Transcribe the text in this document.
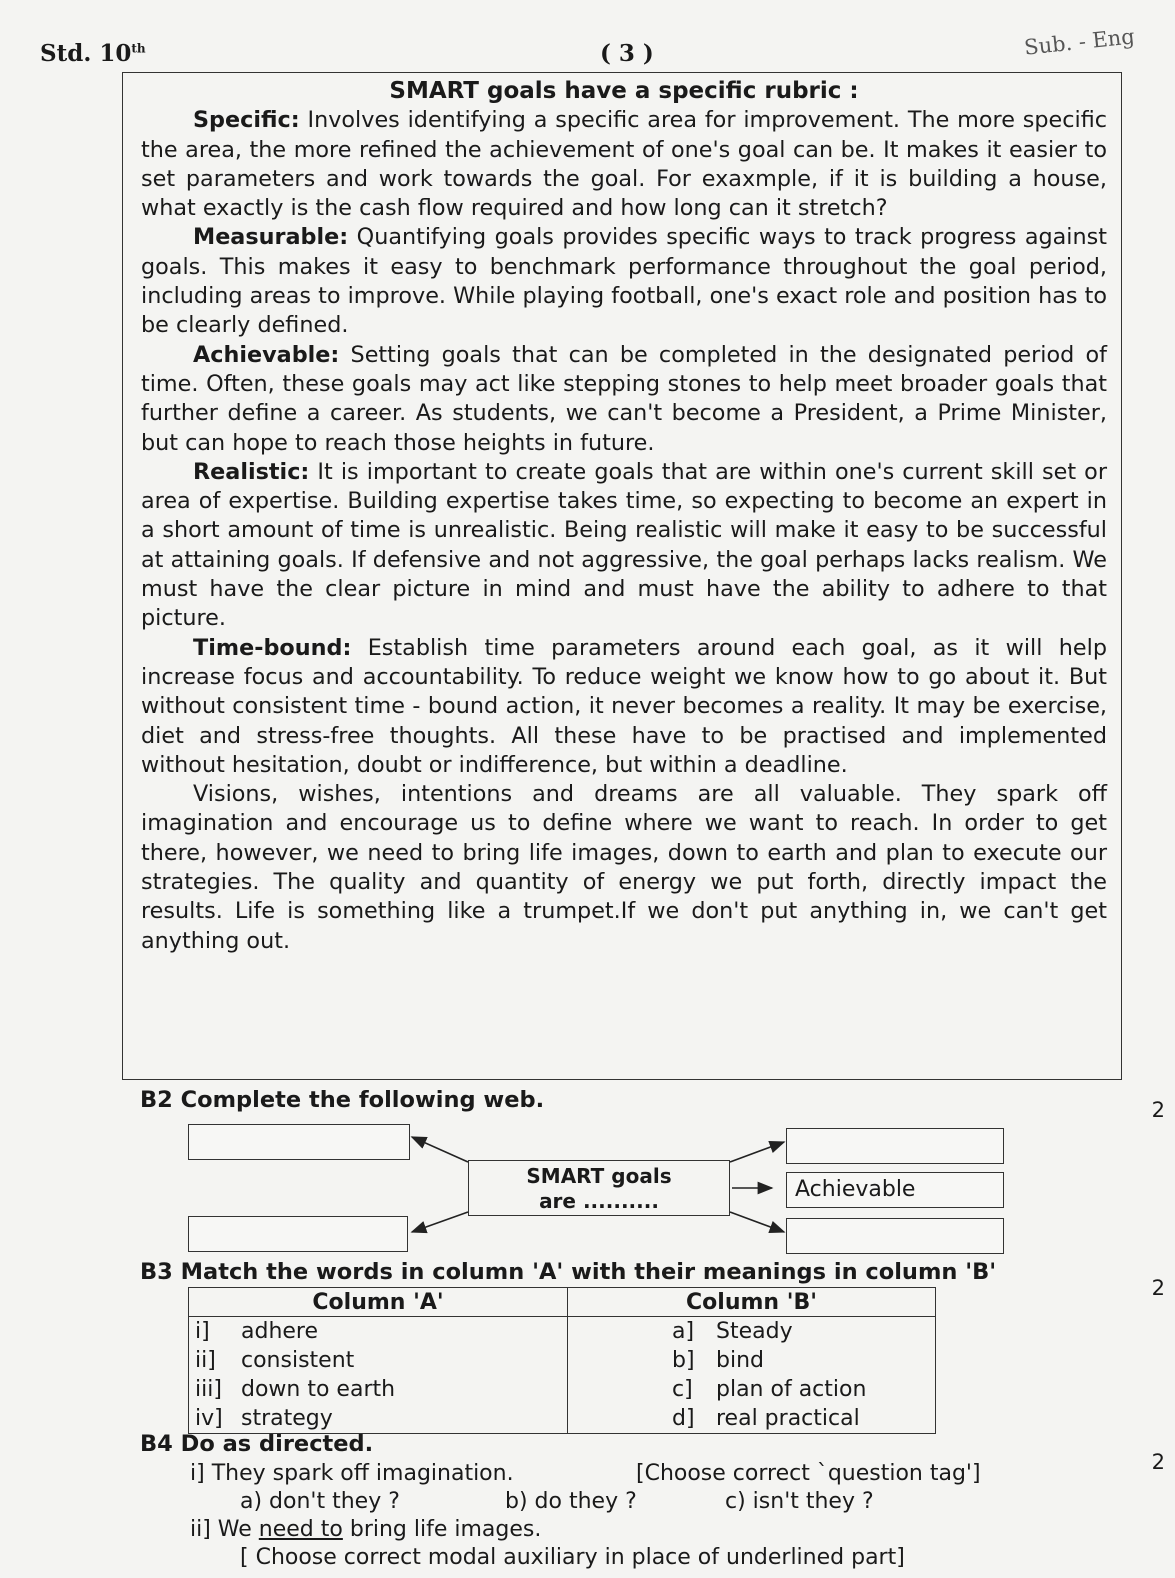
Std. 10th	( 3 )	Sub. - Eng

SMART goals have a specific rubric :

Specific: Involves identifying a specific area for improvement. The more specific the area, the more refined the achievement of one's goal can be. It makes it easier to set parameters and work towards the goal. For exaxmple, if it is building a house, what exactly is the cash flow required and how long can it stretch?

Measurable: Quantifying goals provides specific ways to track progress against goals. This makes it easy to benchmark performance throughout the goal period, including areas to improve. While playing football, one's exact role and position has to be clearly defined.

Achievable: Setting goals that can be completed in the designated period of time. Often, these goals may act like stepping stones to help meet broader goals that further define a career. As students, we can't become a President, a Prime Minister, but can hope to reach those heights in future.

Realistic: It is important to create goals that are within one's current skill set or area of expertise. Building expertise takes time, so expecting to become an expert in a short amount of time is unrealistic. Being realistic will make it easy to be successful at attaining goals. If defensive and not aggressive, the goal perhaps lacks realism. We must have the clear picture in mind and must have the ability to adhere to that picture.

Time-bound: Establish time parameters around each goal, as it will help increase focus and accountability. To reduce weight we know how to go about it. But without consistent time - bound action, it never becomes a reality. It may be exercise, diet and stress-free thoughts. All these have to be practised and implemented without hesitation, doubt or indifference, but within a deadline.

Visions, wishes, intentions and dreams are all valuable. They spark off imagination and encourage us to define where we want to reach. In order to get there, however, we need to bring life images, down to earth and plan to execute our strategies. The quality and quantity of energy we put forth, directly impact the results. Life is something like a trumpet.If we don't put anything in, we can't get anything out.

B2 Complete the following web.	2
Achievable
SMART goals
are ..........
B3 Match the words in column 'A' with their meanings in column 'B'
2
Column 'A'	Column 'B'
i] adhere	a] Steady
ii] consistent	b] bind
iii] down to earth	c] plan of action
iv] strategy	d] real practical
B4 Do as directed.
2
i] They spark off imagination.	[Choose correct `question tag']
a) don't they ?	b) do they ?	c) isn't they ?
ii] We need to bring life images.
[ Choose correct modal auxiliary in place of underlined part]
